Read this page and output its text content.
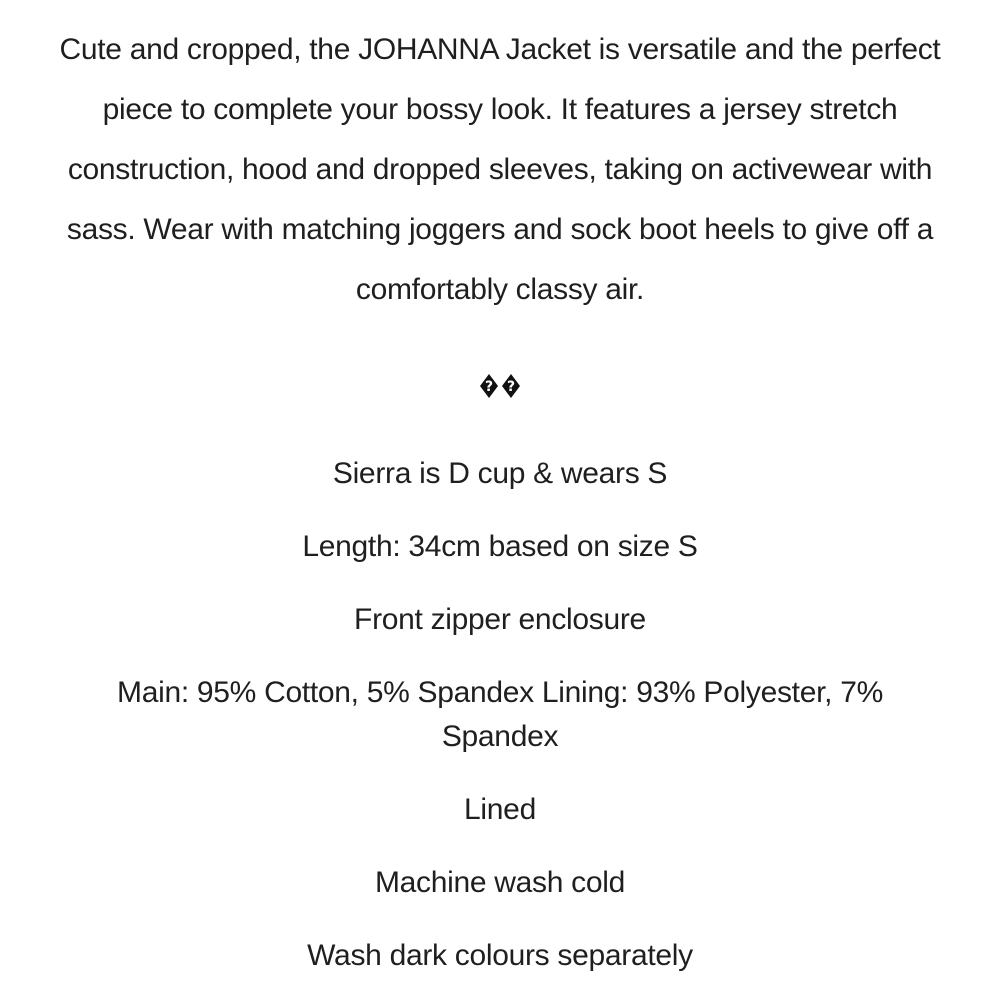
Cute and cropped, the JOHANNA Jacket is versatile and the perfect piece to complete your bossy look. It features a jersey stretch construction, hood and dropped sleeves, taking on activewear with sass. Wear with matching joggers and sock boot heels to give off a comfortably classy air.

? ?
Sierra is D cup & wears S
Length: 34cm based on size S
Front zipper enclosure
Main: 95% Cotton, 5% Spandex Lining: 93% Polyester, 7% Spandex
Lined
Machine wash cold
Wash dark colours separately
